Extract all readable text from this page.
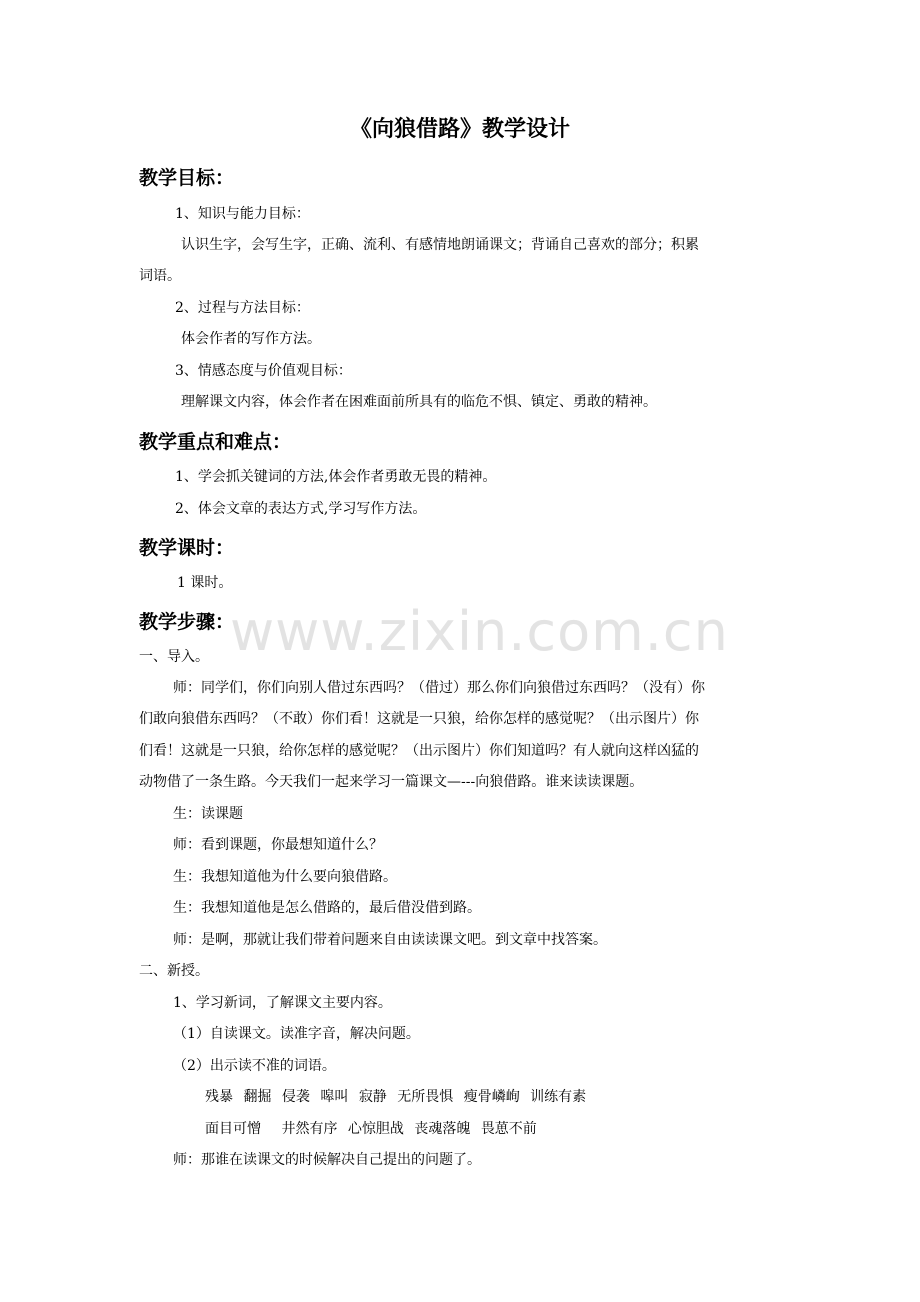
www.zixin.com.cn
《向狼借路》教学设计
教学目标：
1、知识与能力目标：
认识生字，会写生字，正确、流利、有感情地朗诵课文；背诵自己喜欢的部分；积累
词语。
2、过程与方法目标：
体会作者的写作方法。
3、情感态度与价值观目标：
理解课文内容，体会作者在困难面前所具有的临危不惧、镇定、勇敢的精神。
教学重点和难点：
1、学会抓关键词的方法,体会作者勇敢无畏的精神。
2、体会文章的表达方式,学习写作方法。
教学课时：
1 课时。
教学步骤：
一、导入。
师：同学们，你们向别人借过东西吗？（借过）那么你们向狼借过东西吗？（没有）你
们敢向狼借东西吗？（不敢）你们看！这就是一只狼，给你怎样的感觉呢？（出示图片）你
们看！这就是一只狼，给你怎样的感觉呢？（出示图片）你们知道吗？有人就向这样凶猛的
动物借了一条生路。今天我们一起来学习一篇课文—---向狼借路。谁来读读课题。
生：读课题
师：看到课题，你最想知道什么？
生：我想知道他为什么要向狼借路。
生：我想知道他是怎么借路的，最后借没借到路。
师：是啊，那就让我们带着问题来自由读读课文吧。到文章中找答案。
二、新授。
1、学习新词，了解课文主要内容。
（1）自读课文。读准字音，解决问题。
（2）出示读不准的词语。
残暴 翻掘 侵袭 嗥叫 寂静 无所畏惧 瘦骨嶙峋 训练有素
面目可憎 井然有序 心惊胆战 丧魂落魄 畏葸不前
师：那谁在读课文的时候解决自己提出的问题了。
